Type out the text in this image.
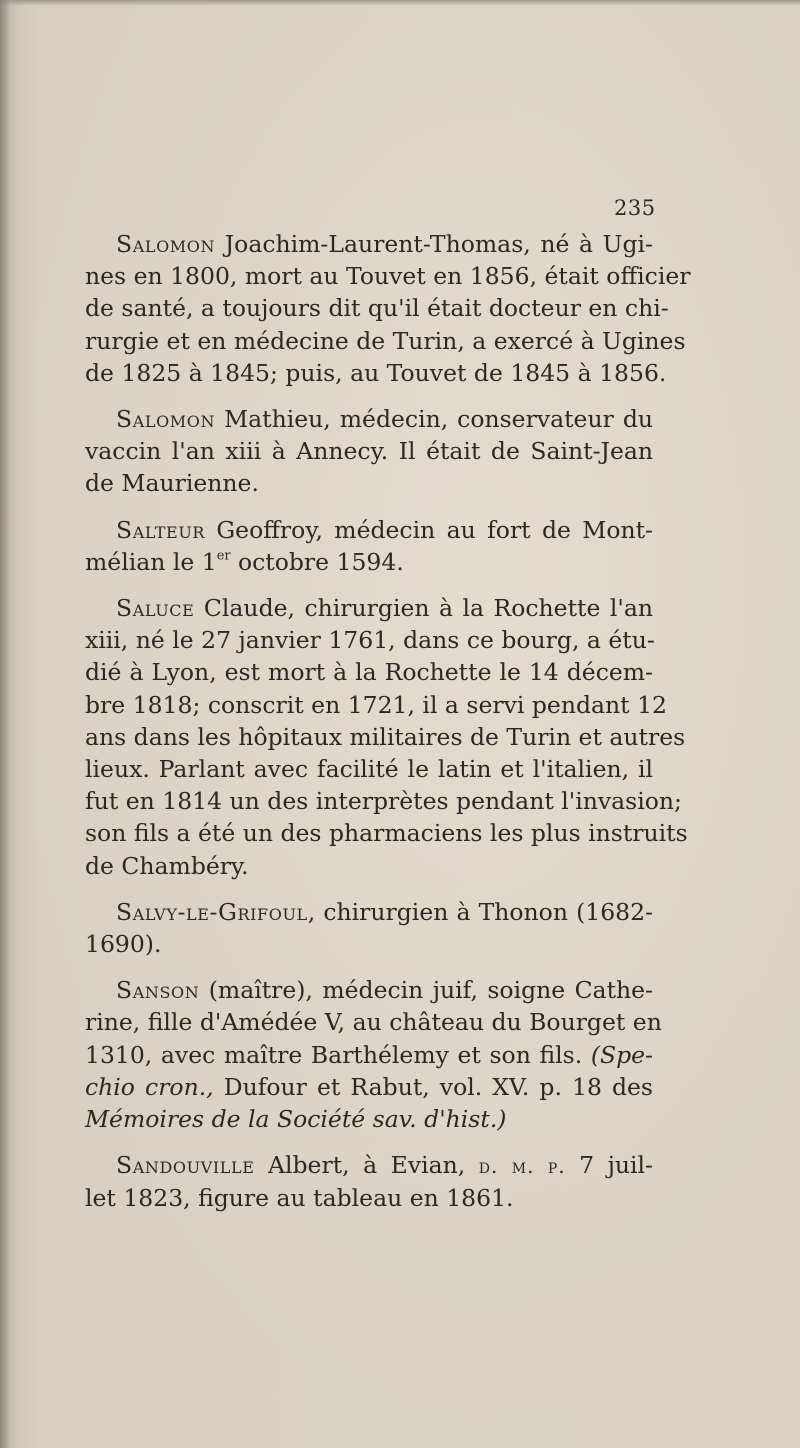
235
Salomon Joachim-Laurent-Thomas, né à Ugi-
nes en 1800, mort au Touvet en 1856, était officier
de santé, a toujours dit qu'il était docteur en chi-
rurgie et en médecine de Turin, a exercé à Ugines
de 1825 à 1845; puis, au Touvet de 1845 à 1856.
Salomon Mathieu, médecin, conservateur du
vaccin l'an xiii à Annecy. Il était de Saint-Jean
de Maurienne.
Salteur Geoffroy, médecin au fort de Mont-
mélian le 1er octobre 1594.
Saluce Claude, chirurgien à la Rochette l'an
xiii, né le 27 janvier 1761, dans ce bourg, a étu-
dié à Lyon, est mort à la Rochette le 14 décem-
bre 1818; conscrit en 1721, il a servi pendant 12
ans dans les hôpitaux militaires de Turin et autres
lieux. Parlant avec facilité le latin et l'italien, il
fut en 1814 un des interprètes pendant l'invasion;
son fils a été un des pharmaciens les plus instruits
de Chambéry.
Salvy-le-Grifoul, chirurgien à Thonon (1682-
1690).
Sanson (maître), médecin juif, soigne Cathe-
rine, fille d'Amédée V, au château du Bourget en
1310, avec maître Barthélemy et son fils. (Spe-
chio cron., Dufour et Rabut, vol. XV. p. 18 des
Mémoires de la Société sav. d'hist.)
Sandouville Albert, à Evian, d. m. p. 7 juil-
let 1823, figure au tableau en 1861.
